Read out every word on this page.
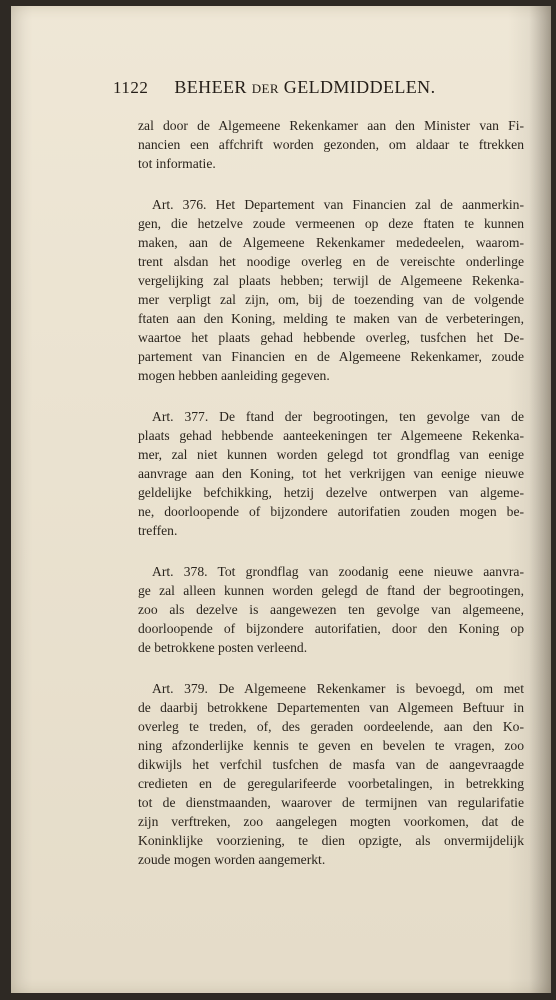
1122 BEHEER DER GELDMIDDELEN.

zal door de Algemeene Rekenkamer aan den Minister van Fi-
nancien een affchrift worden gezonden, om aldaar te ftrekken
tot informatie.

Art. 376. Het Departement van Financien zal de aanmerkin-
gen, die hetzelve zoude vermeenen op deze ftaten te kunnen
maken, aan de Algemeene Rekenkamer mededeelen, waarom-
trent alsdan het noodige overleg en de vereischte onderlinge
vergelijking zal plaats hebben; terwijl de Algemeene Rekenka-
mer verpligt zal zijn, om, bij de toezending van de volgende
ftaten aan den Koning, melding te maken van de verbeteringen,
waartoe het plaats gehad hebbende overleg, tusfchen het De-
partement van Financien en de Algemeene Rekenkamer, zoude
mogen hebben aanleiding gegeven.

Art. 377. De ftand der begrootingen, ten gevolge van de
plaats gehad hebbende aanteekeningen ter Algemeene Rekenka-
mer, zal niet kunnen worden gelegd tot grondflag van eenige
aanvrage aan den Koning, tot het verkrijgen van eenige nieuwe
geldelijke befchikking, hetzij dezelve ontwerpen van algeme-
ne, doorloopende of bijzondere autorifatien zouden mogen be-
treffen.

Art. 378. Tot grondflag van zoodanig eene nieuwe aanvra-
ge zal alleen kunnen worden gelegd de ftand der begrootingen,
zoo als dezelve is aangewezen ten gevolge van algemeene,
doorloopende of bijzondere autorifatien, door den Koning op
de betrokkene posten verleend.

Art. 379. De Algemeene Rekenkamer is bevoegd, om met
de daarbij betrokkene Departementen van Algemeen Beftuur in
overleg te treden, of, des geraden oordeelende, aan den Ko-
ning afzonderlijke kennis te geven en bevelen te vragen, zoo
dikwijls het verfchil tusfchen de masfa van de aangevraagde
credieten en de geregularifeerde voorbetalingen, in betrekking
tot de dienstmaanden, waarover de termijnen van regularifatie
zijn verftreken, zoo aangelegen mogten voorkomen, dat de
Koninklijke voorziening, te dien opzigte, als onvermijdelijk
zoude mogen worden aangemerkt.
